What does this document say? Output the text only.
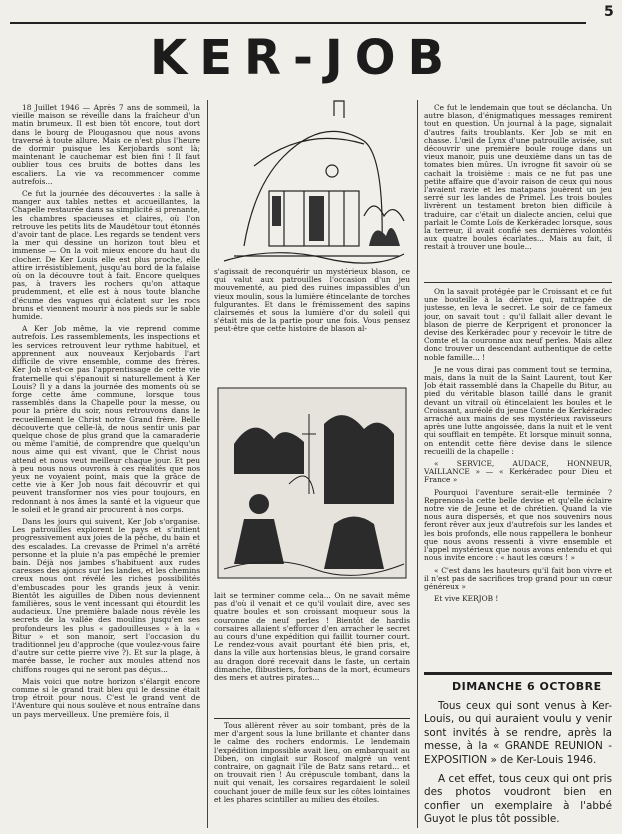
5
KER-JOB

18 Juillet 1946 — Après 7 ans de sommeil, la vieille maison se réveille dans la fraîcheur d'un matin brumeux. Il est bien tôt encore, tout dort dans le bourg de Plougasnou que nous avons traversé à toute allure. Mais ce n'est plus l'heure de dormir puisque les Kerjobards sont là; maintenant le cauchemar est bien fini ! Il faut oublier tous ces bruits de bottes dans les escaliers. La vie va recommencer comme autrefois...

Ce fut la journée des découvertes : la salle à manger aux tables nettes et accueillantes, la Chapelle restaurée dans sa simplicité si prenante, les chambres spacieuses et claires, où l'on retrouve les petits lits de Maudétour tout étonnés d'avoir tant de place. Les regards se tendent vers la mer qui dessine un horizon tout bleu et immense — On la voit mieux encore du haut du clocher. De Ker Louis elle est plus proche, elle attire irrésistiblement, jusqu'au bord de la falaise où on la découvre tout à fait. Encore quelques pas, à travers les rochers qu'on attaque prudemment, et elle est à nous toute blanche d'écume des vagues qui éclatent sur les rocs bruns et viennent mourir à nos pieds sur le sable humide.

A Ker Job même, la vie reprend comme autrefois. Les rassemblements, les inspections et les services retrouvent leur rythme habituel, et apprennent aux nouveaux Kerjobards l'art difficile de vivre ensemble, comme des frères. Ker Job n'est-ce pas l'apprentissage de cette vie fraternelle qui s'épanouit si naturellement à Ker Louis? Il y a dans la journée des moments où se forge cette âme commune, lorsque tous rassemblés dans la Chapelle pour la messe, ou pour la prière du soir, nous retrouvons dans le recueillement le Christ notre Grand frère. Belle découverte que celle-là, de nous sentir unis par quelque chose de plus grand que la camaraderie ou même l'amitié, de comprendre que quelqu'un nous aime qui est vivant, que le Christ nous attend et nous veut meilleur chaque jour. Et peu à peu nous nous ouvrons à ces réalités que nos yeux ne voyaient point, mais que la grâce de cette vie à Ker Job nous fait découvrir et qui peuvent transformer nos vies pour toujours, en redonnant à nos âmes la santé et la vigueur que le soleil et le grand air procurent à nos corps.

Dans les jours qui suivent, Ker Job s'organise. Les patrouilles explorent le pays et s'initient progressivement aux joies de la pêche, du bain et des escalades. La crevasse de Primel n'a arrêté personne et la pluie n'a pas empêché le premier bain. Déjà nos jambes s'habituent aux rudes caresses des ajoncs sur les landes, et les chemins creux nous ont révélé les riches possibilités d'embuscades pour les grands jeux à venir. Bientôt les aiguilles de Diben nous deviennent familières, sous le vent incessant qui étourdit les audacieux. Une première balade nous révèle les secrets de la vallée des moulins jusqu'en ses profondeurs les plus « gadouilleuses » à la « Bitur » et son manoir, sert l'occasion du traditionnel jeu d'approche (que voulez-vous faire d'autre sur cette pierre vive ?). Et sur la plage, à marée basse, le rocher aux moules attend nos chiffons rouges qui ne seront pas déçus...

Mais voici que notre horizon s'élargit encore comme si le grand trait bleu qui le dessine était trop étroit pour nous. C'est le grand vent de l'Aventure qui nous soulève et nous entraîne dans un pays merveilleux. Une première fois, il

s'agissait de reconquérir un mystérieux blason, ce qui valut aux patrouilles l'occasion d'un jeu mouvementé, au pied des ruines impassibles d'un vieux moulin, sous la lumière étincelante de torches fulgurantes. Et dans le frémissement des sapins clairsemés et sous la lumière d'or du soleil qui s'était mis de la partie pour une fois. Vous pensez peut-être que cette histoire de blason al-

lait se terminer comme cela... On ne savait même pas d'où il venait et ce qu'il voulait dire, avec ses quatre boules et son croissant moqueur sous la couronne de neuf perles ! Bientôt de hardis corsaires allaient s'efforcer d'en arracher le secret au cours d'une expédition qui faillit tourner court. Le rendez-vous avait pourtant été bien pris, et, dans la ville aux hortensias bleus, le grand corsaire au dragon doré recevait dans le faste, un certain dimanche, flibustiers, forbans de la mort, écumeurs des mers et autres pirates...

Tous allèrent rêver au soir tombant, près de la mer d'argent sous la lune brillante et chanter dans le calme des rochers endormis. Le lendemain l'expédition impossible avait lieu, on embarquait au Diben, on cinglait sur Roscof malgré un vent contraire, on gagnait l'île de Batz sans retard... et on trouvait rien ! Au crépuscule tombant, dans la nuit qui venait, les corsaires regardaient le soleil couchant jouer de mille feux sur les côtes lointaines et les phares scintiller au milieu des étoiles.

Ce fut le lendemain que tout se déclancha. Un autre blason, d'énigmatiques messages remirent tout en question. Un journal à la page, signalait d'autres faits troublants. Ker Job se mit en chasse. L'œil de Lynx d'une patrouille avisée, sut découvrir une première boule rouge dans un vieux manoir, puis une deuxième dans un tas de tomates bien mûres. Un ivrogne fit savoir où se cachait la troisième : mais ce ne fut pas une petite affaire que d'avoir raison de ceux qui nous l'avaient ravie et les matapans jouèrent un jeu serré sur les landes de Primel. Les trois boules livrèrent un testament breton bien difficile à traduire, car c'était un dialecte ancien, celui que parlait le Comte Loïs de Kerkéradec lorsque, sous la terreur, il avait confié ses dernières volontés aux quatre boules écarlates... Mais au fait, il restait à trouver une boule...

On la savait protégée par le Croissant et ce fut une bouteille à la dérive qui, rattrapée de justesse, en leva le secret. Le soir de ce fameux jour, on savait tout : qu'il fallait aller devant le blason de pierre de Kerprigent et prononcer la devise des Kerkéradec pour y recevoir le titre de Comte et la couronne aux neuf perles. Mais allez donc trouver un descendant authentique de cette noble famille... !

Je ne vous dirai pas comment tout se termina, mais, dans la nuit de la Saint Laurent, tout Ker Job était rassemblé dans la Chapelle du Bitur, au pied du véritable blason taillé dans le granit devant un vitrail où étincelaient les boules et le Croissant, auréolé du jeune Comte de Kerkéradec arraché aux mains de ses mystérieux ravisseurs après une lutte angoissée, dans la nuit et le vent qui soufflait en tempête. Et lorsque minuit sonna, on entendit cette fière devise dans le silence recueilli de la chapelle :

« SERVICE, AUDACE, HONNEUR, VAILLANCE » — « Kerkéradec pour Dieu et France »

Pourquoi l'aventure serait-elle terminée ? Reprenons-la cette belle devise et qu'elle éclaire notre vie de Jeune et de chrétien. Quand la vie nous aura dispersés, et que nos souvenirs nous feront rêver aux jeux d'autrefois sur les landes et les bois profonds, elle nous rappellera le bonheur que nous avons ressenti à vivre ensemble et l'appel mystérieux que nous avons entendu et qui nous invite encore : « haut les cœurs ! »

« C'est dans les hauteurs qu'il fait bon vivre et il n'est pas de sacrifices trop grand pour un cœur généreux »

Et vive KERJOB !

DIMANCHE 6 OCTOBRE

Tous ceux qui sont venus à Ker-Louis, ou qui auraient voulu y venir sont invités à se rendre, après la messe, à la « GRANDE REUNION - EXPOSITION » de Ker-Louis 1946.

A cet effet, tous ceux qui ont pris des photos voudront bien en confier un exemplaire à l'abbé Guyot le plus tôt possible.
